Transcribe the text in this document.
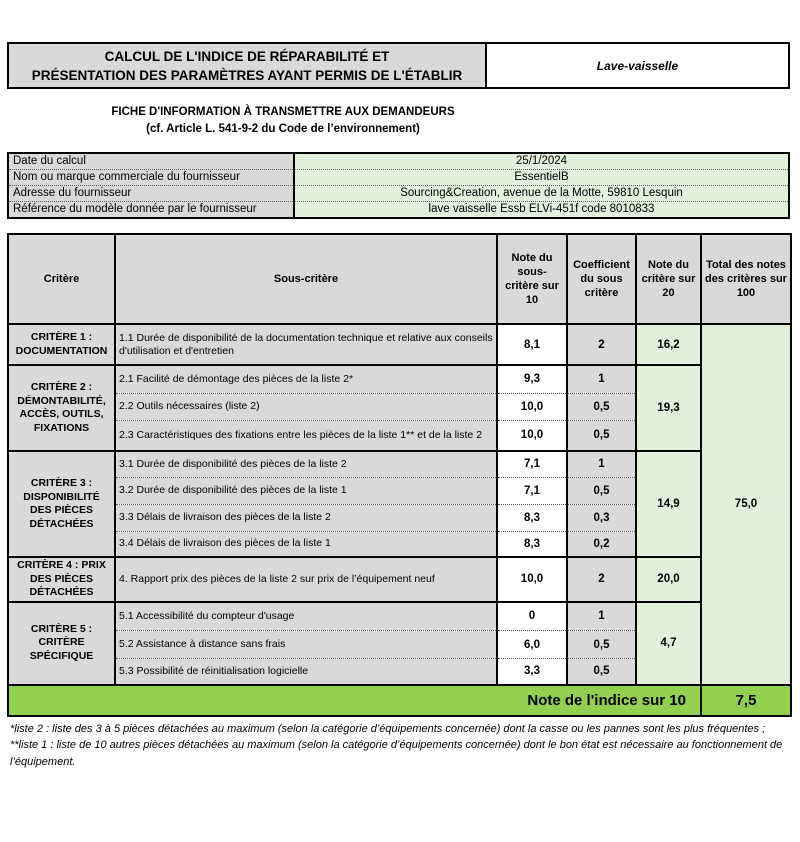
CALCUL DE L'INDICE DE RÉPARABILITÉ ET
PRÉSENTATION DES PARAMÈTRES AYANT PERMIS DE L'ÉTABLIR
Lave-vaisselle
FICHE D'INFORMATION À TRANSMETTRE AUX DEMANDEURS
(cf. Article L. 541-9-2 du Code de l’environnement)
Date du calcul	25/1/2024
Nom ou marque commerciale du fournisseur	EssentielB
Adresse du fournisseur	Sourcing&Creation, avenue de la Motte, 59810 Lesquin
Référence du modèle donnée par le fournisseur	lave vaisselle Essb ELVi-451f code 8010833
Critère	Sous-critère	Note du sous-critère sur 10	Coefficient du sous critère	Note du critère sur 20	Total des notes des critères sur 100
CRITÈRE 1 : DOCUMENTATION	1.1 Durée de disponibilité de la documentation technique et relative aux conseils d'utilisation et d'entretien	8,1	2	16,2	75,0
CRITÈRE 2 : DÉMONTABILITÉ, ACCÈS, OUTILS, FIXATIONS	2.1 Facilité de démontage des pièces de la liste 2*	9,3	1	19,3	
	2.2 Outils nécessaires (liste 2)	10,0	0,5		
	2.3 Caractéristiques des fixations entre les pièces de la liste 1** et de la liste 2	10,0	0,5		
CRITÈRE 3 : DISPONIBILITÉ DES PIÈCES DÉTACHÉES	3.1 Durée de disponibilité des pièces de la liste 2	7,1	1	14,9	
	3.2 Durée de disponibilité des pièces de la liste 1	7,1	0,5		
	3.3 Délais de livraison des pièces de la liste 2	8,3	0,3		
	3.4 Délais de livraison des pièces de la liste 1	8,3	0,2		
CRITÈRE 4 : PRIX DES PIÈCES DÉTACHÉES	4. Rapport prix des pièces de la liste 2 sur prix de l’équipement neuf	10,0	2	20,0	
CRITÈRE 5 : CRITÈRE SPÉCIFIQUE	5.1 Accessibilité du compteur d'usage	0	1	4,7	
	5.2 Assistance à distance sans frais	6,0	0,5		
	5.3 Possibilité de réinitialisation logicielle	3,3	0,5		
Note de l'indice sur 10					7,5

*liste 2 : liste des 3 à 5 pièces détachées au maximum (selon la catégorie d’équipements concernée) dont la casse ou les pannes sont les plus fréquentes ;

**liste 1 : liste de 10 autres pièces détachées au maximum (selon la catégorie d’équipements concernée) dont le bon état est nécessaire au fonctionnement de l’équipement.
